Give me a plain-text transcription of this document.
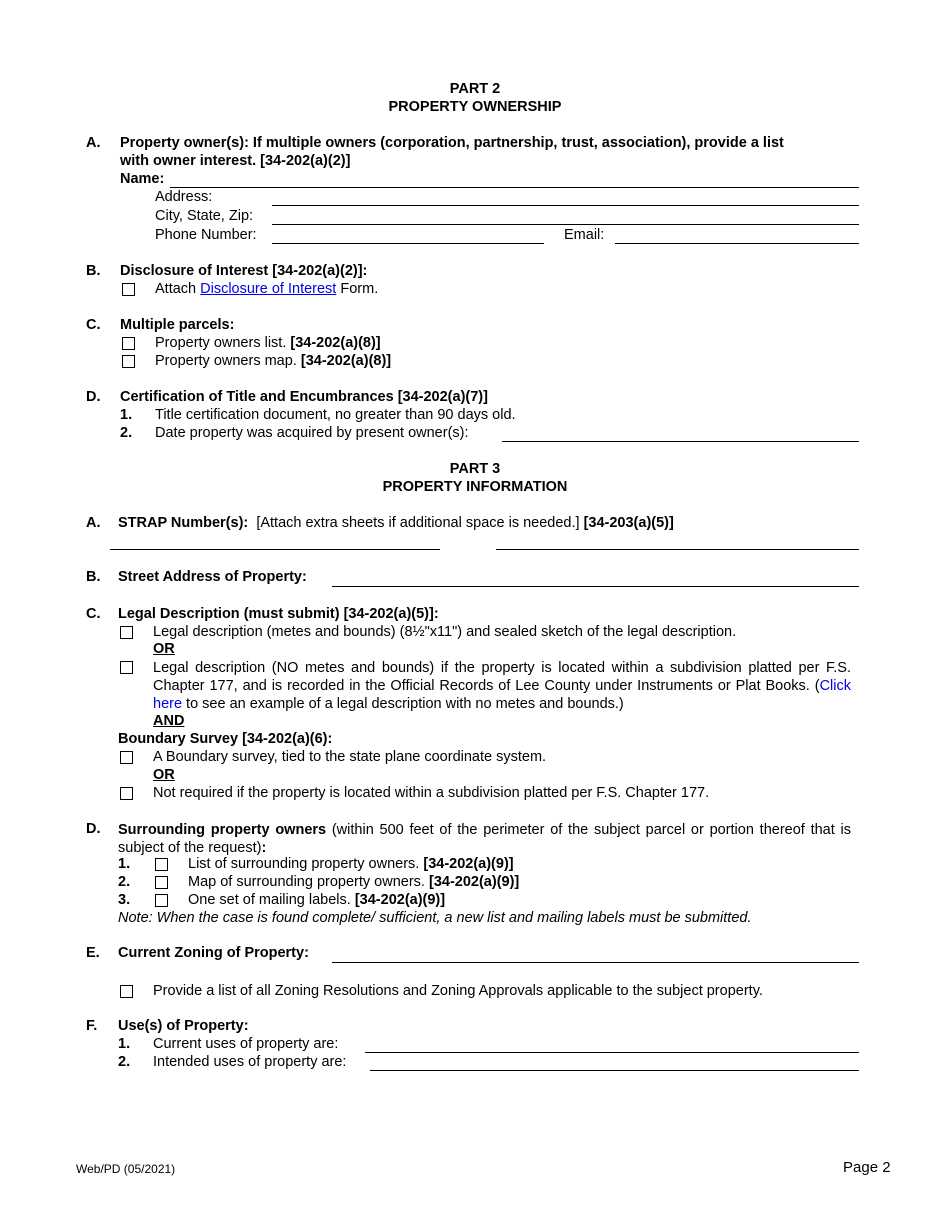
PART 2
PROPERTY OWNERSHIP
A. Property owner(s): If multiple owners (corporation, partnership, trust, association), provide a list
with owner interest. [34-202(a)(2)]
Name:
Address:
City, State, Zip:
Phone Number:	Email:
B. Disclosure of Interest [34-202(a)(2)]:
Attach Disclosure of Interest Form.
C. Multiple parcels:
Property owners list. [34-202(a)(8)]
Property owners map. [34-202(a)(8)]
D. Certification of Title and Encumbrances [34-202(a)(7)]
1. Title certification document, no greater than 90 days old.
2. Date property was acquired by present owner(s):
PART 3
PROPERTY INFORMATION
A. STRAP Number(s): [Attach extra sheets if additional space is needed.] [34-203(a)(5)]
B. Street Address of Property:
C. Legal Description (must submit) [34-202(a)(5)]:
Legal description (metes and bounds) (8½"x11") and sealed sketch of the legal description.
OR
Legal description (NO metes and bounds) if the property is located within a subdivision platted per F.S. Chapter 177, and is recorded in the Official Records of Lee County under Instruments or Plat Books. (Click here to see an example of a legal description with no metes and bounds.)
AND
Boundary Survey [34-202(a)(6):
A Boundary survey, tied to the state plane coordinate system.
OR
Not required if the property is located within a subdivision platted per F.S. Chapter 177.
D. Surrounding property owners (within 500 feet of the perimeter of the subject parcel or portion thereof that is subject of the request):
1.	List of surrounding property owners. [34-202(a)(9)]
2.	Map of surrounding property owners. [34-202(a)(9)]
3.	One set of mailing labels. [34-202(a)(9)]
Note: When the case is found complete/ sufficient, a new list and mailing labels must be submitted.
E. Current Zoning of Property:
Provide a list of all Zoning Resolutions and Zoning Approvals applicable to the subject property.
F. Use(s) of Property:
1. Current uses of property are:
2. Intended uses of property are:
Web/PD (05/2021)	Page 2
